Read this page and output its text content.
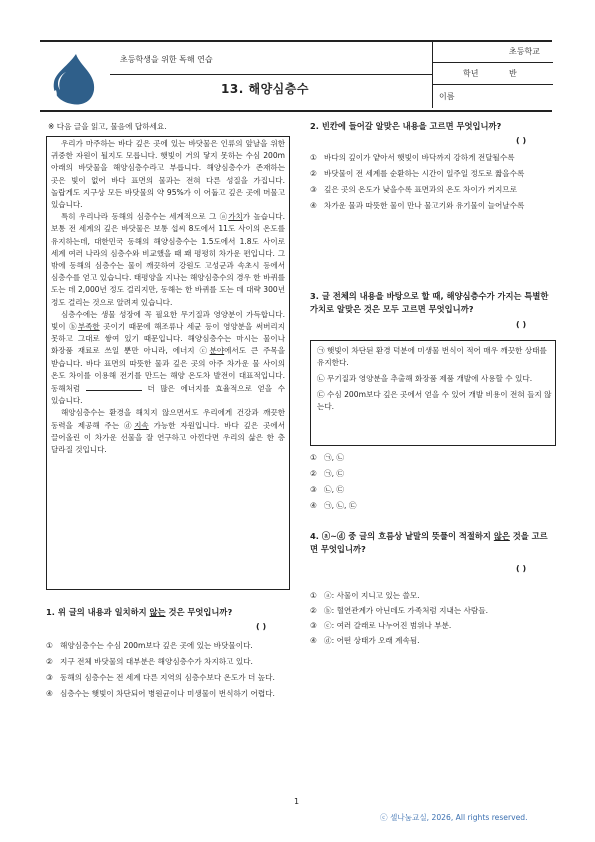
초등학생을 위한 독해 연습
13. 해양심층수
초등학교
학년	반
이름
※ 다음 글을 읽고, 물음에 답하세요.

우리가 마주하는 바다 깊은 곳에 있는 바닷물은 인류의 앞날을 위한 귀중한 자원이 될지도 모릅니다. 햇빛이 거의 닿지 못하는 수심 200m 아래의 바닷물을 해양심층수라고 부릅니다. 해양심층수가 존재하는 곳은 빛이 없어 바다 표면의 물과는 전혀 다른 성질을 가집니다. 놀랍게도 지구상 모든 바닷물의 약 95%가 이 어둡고 깊은 곳에 머물고 있습니다.

특히 우리나라 동해의 심층수는 세계적으로 그 ⓐ가치가 높습니다. 보통 전 세계의 깊은 바닷물은 보통 섭씨 8도에서 11도 사이의 온도를 유지하는데, 대한민국 동해의 해양심층수는 1.5도에서 1.8도 사이로 세계 여러 나라의 심층수와 비교했을 때 꽤 평평히 차가운 편입니다. 그 밖에 동해의 심층수는 물이 깨끗하여 강원도 고성군과 속초시 등에서 심층수를 얻고 있습니다. 태평양을 지나는 해양심층수의 경우 한 바퀴를 도는 데 2,000년 정도 걸리지만, 동해는 한 바퀴를 도는 데 대략 300년 정도 걸리는 것으로 알려져 있습니다.

심층수에는 생물 성장에 꼭 필요한 무기질과 영양분이 가득합니다. 빛이 ⓑ부족한 곳이기 때문에 해조류나 세균 등이 영양분을 써버리지 못하고 그대로 쌓여 있기 때문입니다. 해양심층수는 마시는 물이나 화장품 재료로 쓰일 뿐만 아니라, 에너지 ⓒ분야에서도 큰 주목을 받습니다. 바다 표면의 따뜻한 물과 깊은 곳의 아주 차가운 물 사이의 온도 차이를 이용해 전기를 만드는 해양 온도차 발전이 대표적입니다. 동해처럼	더 많은 에너지를 효율적으로 얻을 수 있습니다.

해양심층수는 환경을 해치지 않으면서도 우리에게 건강과 깨끗한 동력을 제공해 주는 ⓓ지속 가능한 자원입니다. 바다 깊은 곳에서 끌어올린 이 차가운 선물을 잘 연구하고 아낀다면 우리의 삶은 한 층 달라질 것입니다.

1. 위 글의 내용과 일치하지 않는 것은 무엇입니까?
( )
① 해양심층수는 수심 200m보다 깊은 곳에 있는 바닷물이다.
② 지구 전체 바닷물의 대부분은 해양심층수가 차지하고 있다.
③ 동해의 심층수는 전 세계 다른 지역의 심층수보다 온도가 더 높다.
④ 심층수는 햇빛이 차단되어 병원균이나 미생물이 번식하기 어렵다.
2. 빈칸에 들어갈 알맞은 내용을 고르면 무엇입니까?
( )
① 바다의 깊이가 얕아서 햇빛이 바닥까지 강하게 전달될수록
② 바닷물이 전 세계를 순환하는 시간이 일주일 정도로 짧을수록
③ 깊은 곳의 온도가 낮을수록 표면과의 온도 차이가 커지므로
④ 차가운 물과 따뜻한 물이 만나 물고기와 유기물이 늘어날수록
3. 글 전체의 내용을 바탕으로 할 때, 해양심층수가 가지는 특별한 가치로 알맞은 것은 모두 고르면 무엇입니까?
( )
㉠ 햇빛이 차단된 환경 덕분에 미생물 번식이 적어 매우 깨끗한 상태를 유지한다.
㉡ 무기질과 영양분을 추출해 화장품 제품 개발에 사용할 수 있다.
㉢ 수심 200m보다 깊은 곳에서 얻을 수 있어 개발 비용이 전혀 들지 않는다.
① ㉠, ㉡
② ㉠, ㉢
③ ㉡, ㉢
④ ㉠, ㉡, ㉢
4. ⓐ~ⓓ 중 글의 흐름상 낱말의 뜻풀이 적절하지 않은 것을 고르면 무엇입니까?
( )
① ⓐ: 사물이 지니고 있는 쓸모.
② ⓑ: 혈연관계가 아닌데도 가족처럼 지내는 사람들.
③ ⓒ: 여러 갈래로 나누어진 범위나 부분.
④ ⓓ: 어떤 상태가 오래 계속됨.
1
ⓒ 셀나눔교실, 2026, All rights reserved.
